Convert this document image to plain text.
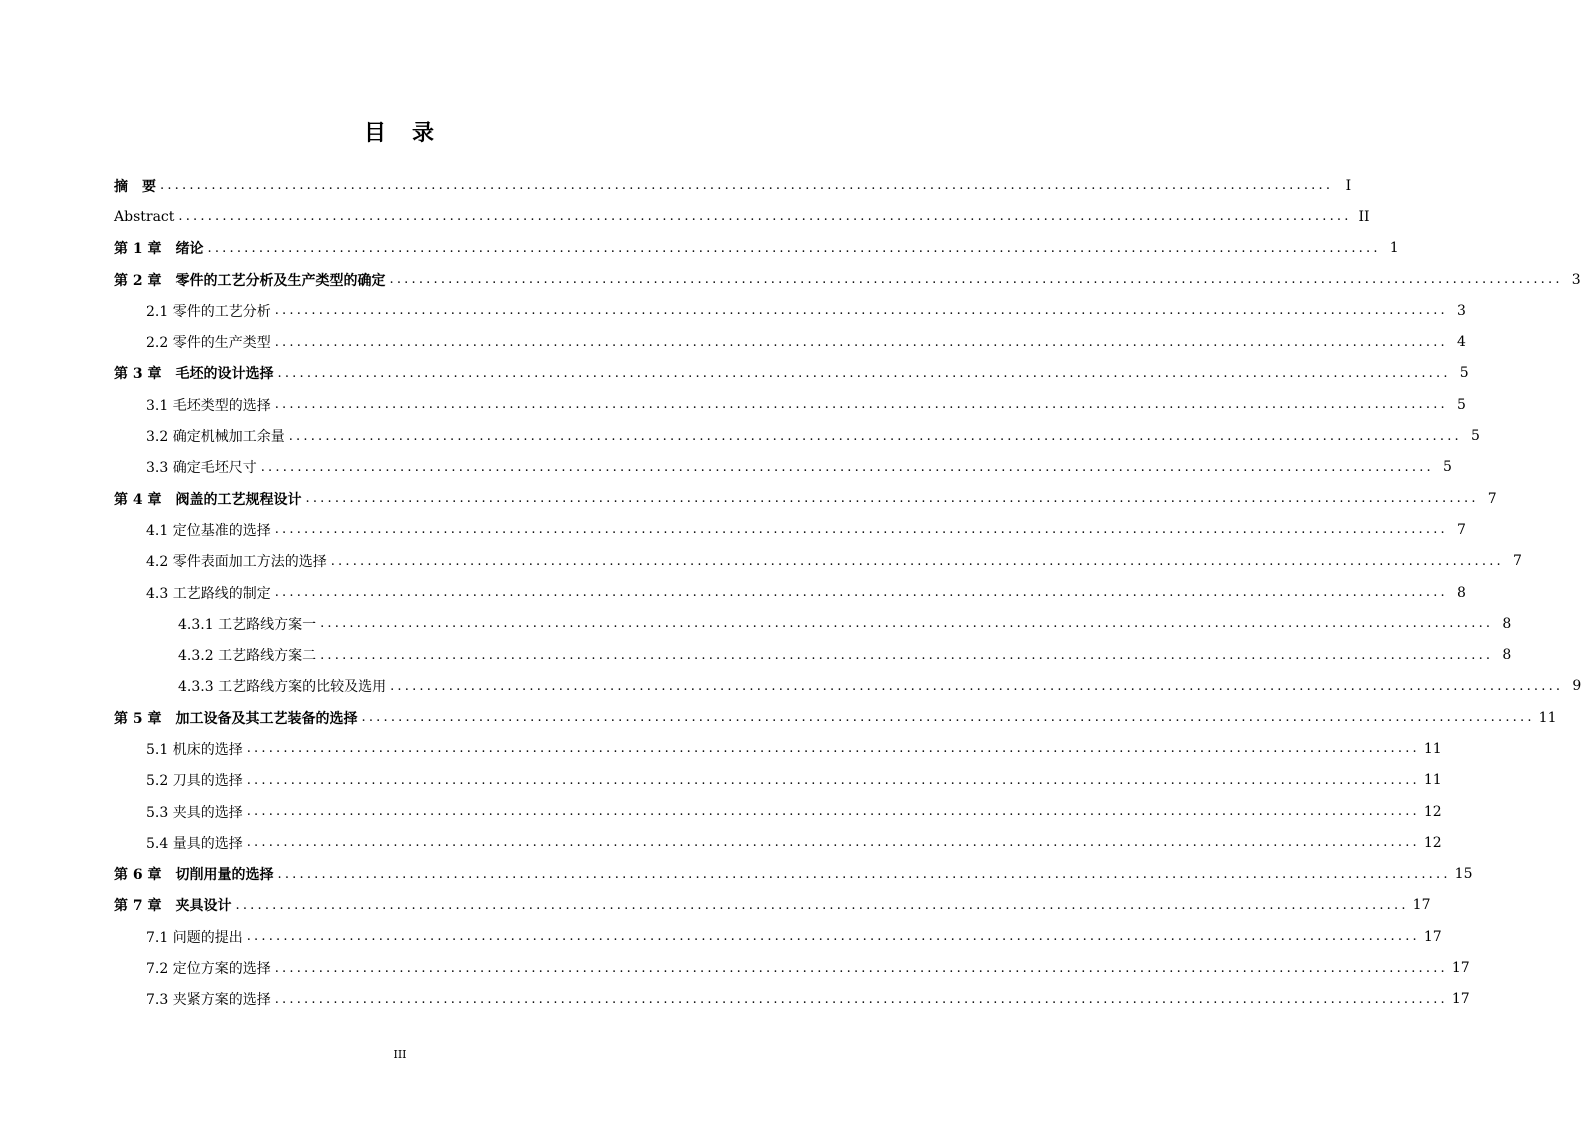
目　录
摘　要 ................................................................................................................................................................ I
Abstract ................................................................................................................................................................ II
第 1 章　绪论 ................................................................................................................................................................ 1
第 2 章　零件的工艺分析及生产类型的确定 ................................................................................................................................................................ 3
2.1 零件的工艺分析 ................................................................................................................................................................ 3
2.2 零件的生产类型 ................................................................................................................................................................ 4
第 3 章　毛坯的设计选择 ................................................................................................................................................................ 5
3.1 毛坯类型的选择 ................................................................................................................................................................ 5
3.2 确定机械加工余量 ................................................................................................................................................................ 5
3.3 确定毛坯尺寸 ................................................................................................................................................................ 5
第 4 章　阀盖的工艺规程设计 ................................................................................................................................................................ 7
4.1 定位基准的选择 ................................................................................................................................................................ 7
4.2 零件表面加工方法的选择 ................................................................................................................................................................ 7
4.3 工艺路线的制定 ................................................................................................................................................................ 8
4.3.1 工艺路线方案一 ................................................................................................................................................................ 8
4.3.2 工艺路线方案二 ................................................................................................................................................................ 8
4.3.3 工艺路线方案的比较及选用 ................................................................................................................................................................ 9
第 5 章　加工设备及其工艺装备的选择 ................................................................................................................................................................ 11
5.1 机床的选择 ................................................................................................................................................................ 11
5.2 刀具的选择 ................................................................................................................................................................ 11
5.3 夹具的选择 ................................................................................................................................................................ 12
5.4 量具的选择 ................................................................................................................................................................ 12
第 6 章　切削用量的选择 ................................................................................................................................................................ 15
第 7 章　夹具设计 ................................................................................................................................................................ 17
7.1 问题的提出 ................................................................................................................................................................ 17
7.2 定位方案的选择 ................................................................................................................................................................ 17
7.3 夹紧方案的选择 ................................................................................................................................................................ 17
III
